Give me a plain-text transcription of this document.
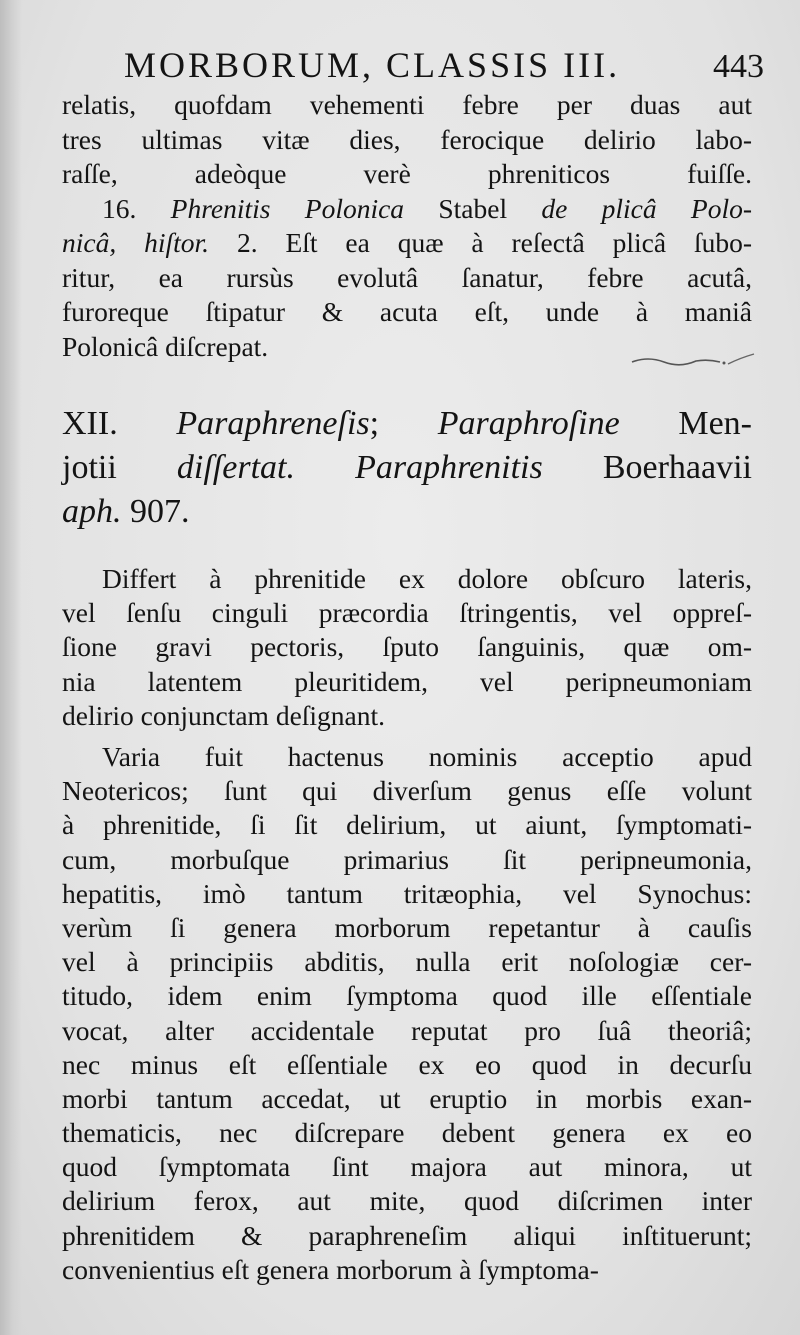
MORBORUM, CLASSIS III.	443
relatis, quofdam vehementi febre per duas aut
tres ultimas vitæ dies, ferocique delirio labo-
raſſe, adeòque verè phreniticos fuiſſe.
16. Phrenitis Polonica Stabel de plicâ Polo-
nicâ, hiſtor. 2. Eſt ea quæ à reſectâ plicâ ſubo-
ritur, ea rursùs evolutâ ſanatur, febre acutâ,
furoreque ſtipatur & acuta eſt, unde à maniâ
Polonicâ diſcrepat.
XII. Paraphreneſis; Paraphroſine Men-
jotii diſſertat. Paraphrenitis Boerhaavii
aph. 907.
Differt à phrenitide ex dolore obſcuro lateris,
vel ſenſu cinguli præcordia ſtringentis, vel oppreſ-
ſione gravi pectoris, ſputo ſanguinis, quæ om-
nia latentem pleuritidem, vel peripneumoniam
delirio conjunctam deſignant.
Varia fuit hactenus nominis acceptio apud
Neotericos; ſunt qui diverſum genus eſſe volunt
à phrenitide, ſi ſit delirium, ut aiunt, ſymptomati-
cum, morbuſque primarius ſit peripneumonia,
hepatitis, imò tantum tritæophia, vel Synochus:
verùm ſi genera morborum repetantur à cauſis
vel à principiis abditis, nulla erit noſologiæ cer-
titudo, idem enim ſymptoma quod ille eſſentiale
vocat, alter accidentale reputat pro ſuâ theoriâ;
nec minus eſt eſſentiale ex eo quod in decurſu
morbi tantum accedat, ut eruptio in morbis exan-
thematicis, nec diſcrepare debent genera ex eo
quod ſymptomata ſint majora aut minora, ut
delirium ferox, aut mite, quod diſcrimen inter
phrenitidem & paraphreneſim aliqui inſtituerunt;
convenientius eſt genera morborum à ſymptoma-
